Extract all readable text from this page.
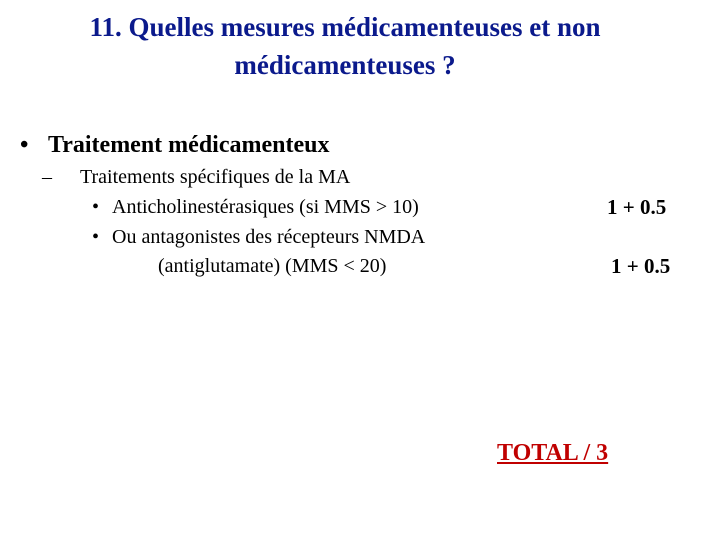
11. Quelles mesures médicamenteuses et non
médicamenteuses ?
• Traitement médicamenteux
– Traitements spécifiques de la MA
• Anticholinestérasiques (si MMS > 10)	1 + 0.5
• Ou antagonistes des récepteurs NMDA
(antiglutamate) (MMS < 20)	1 + 0.5
TOTAL / 3
